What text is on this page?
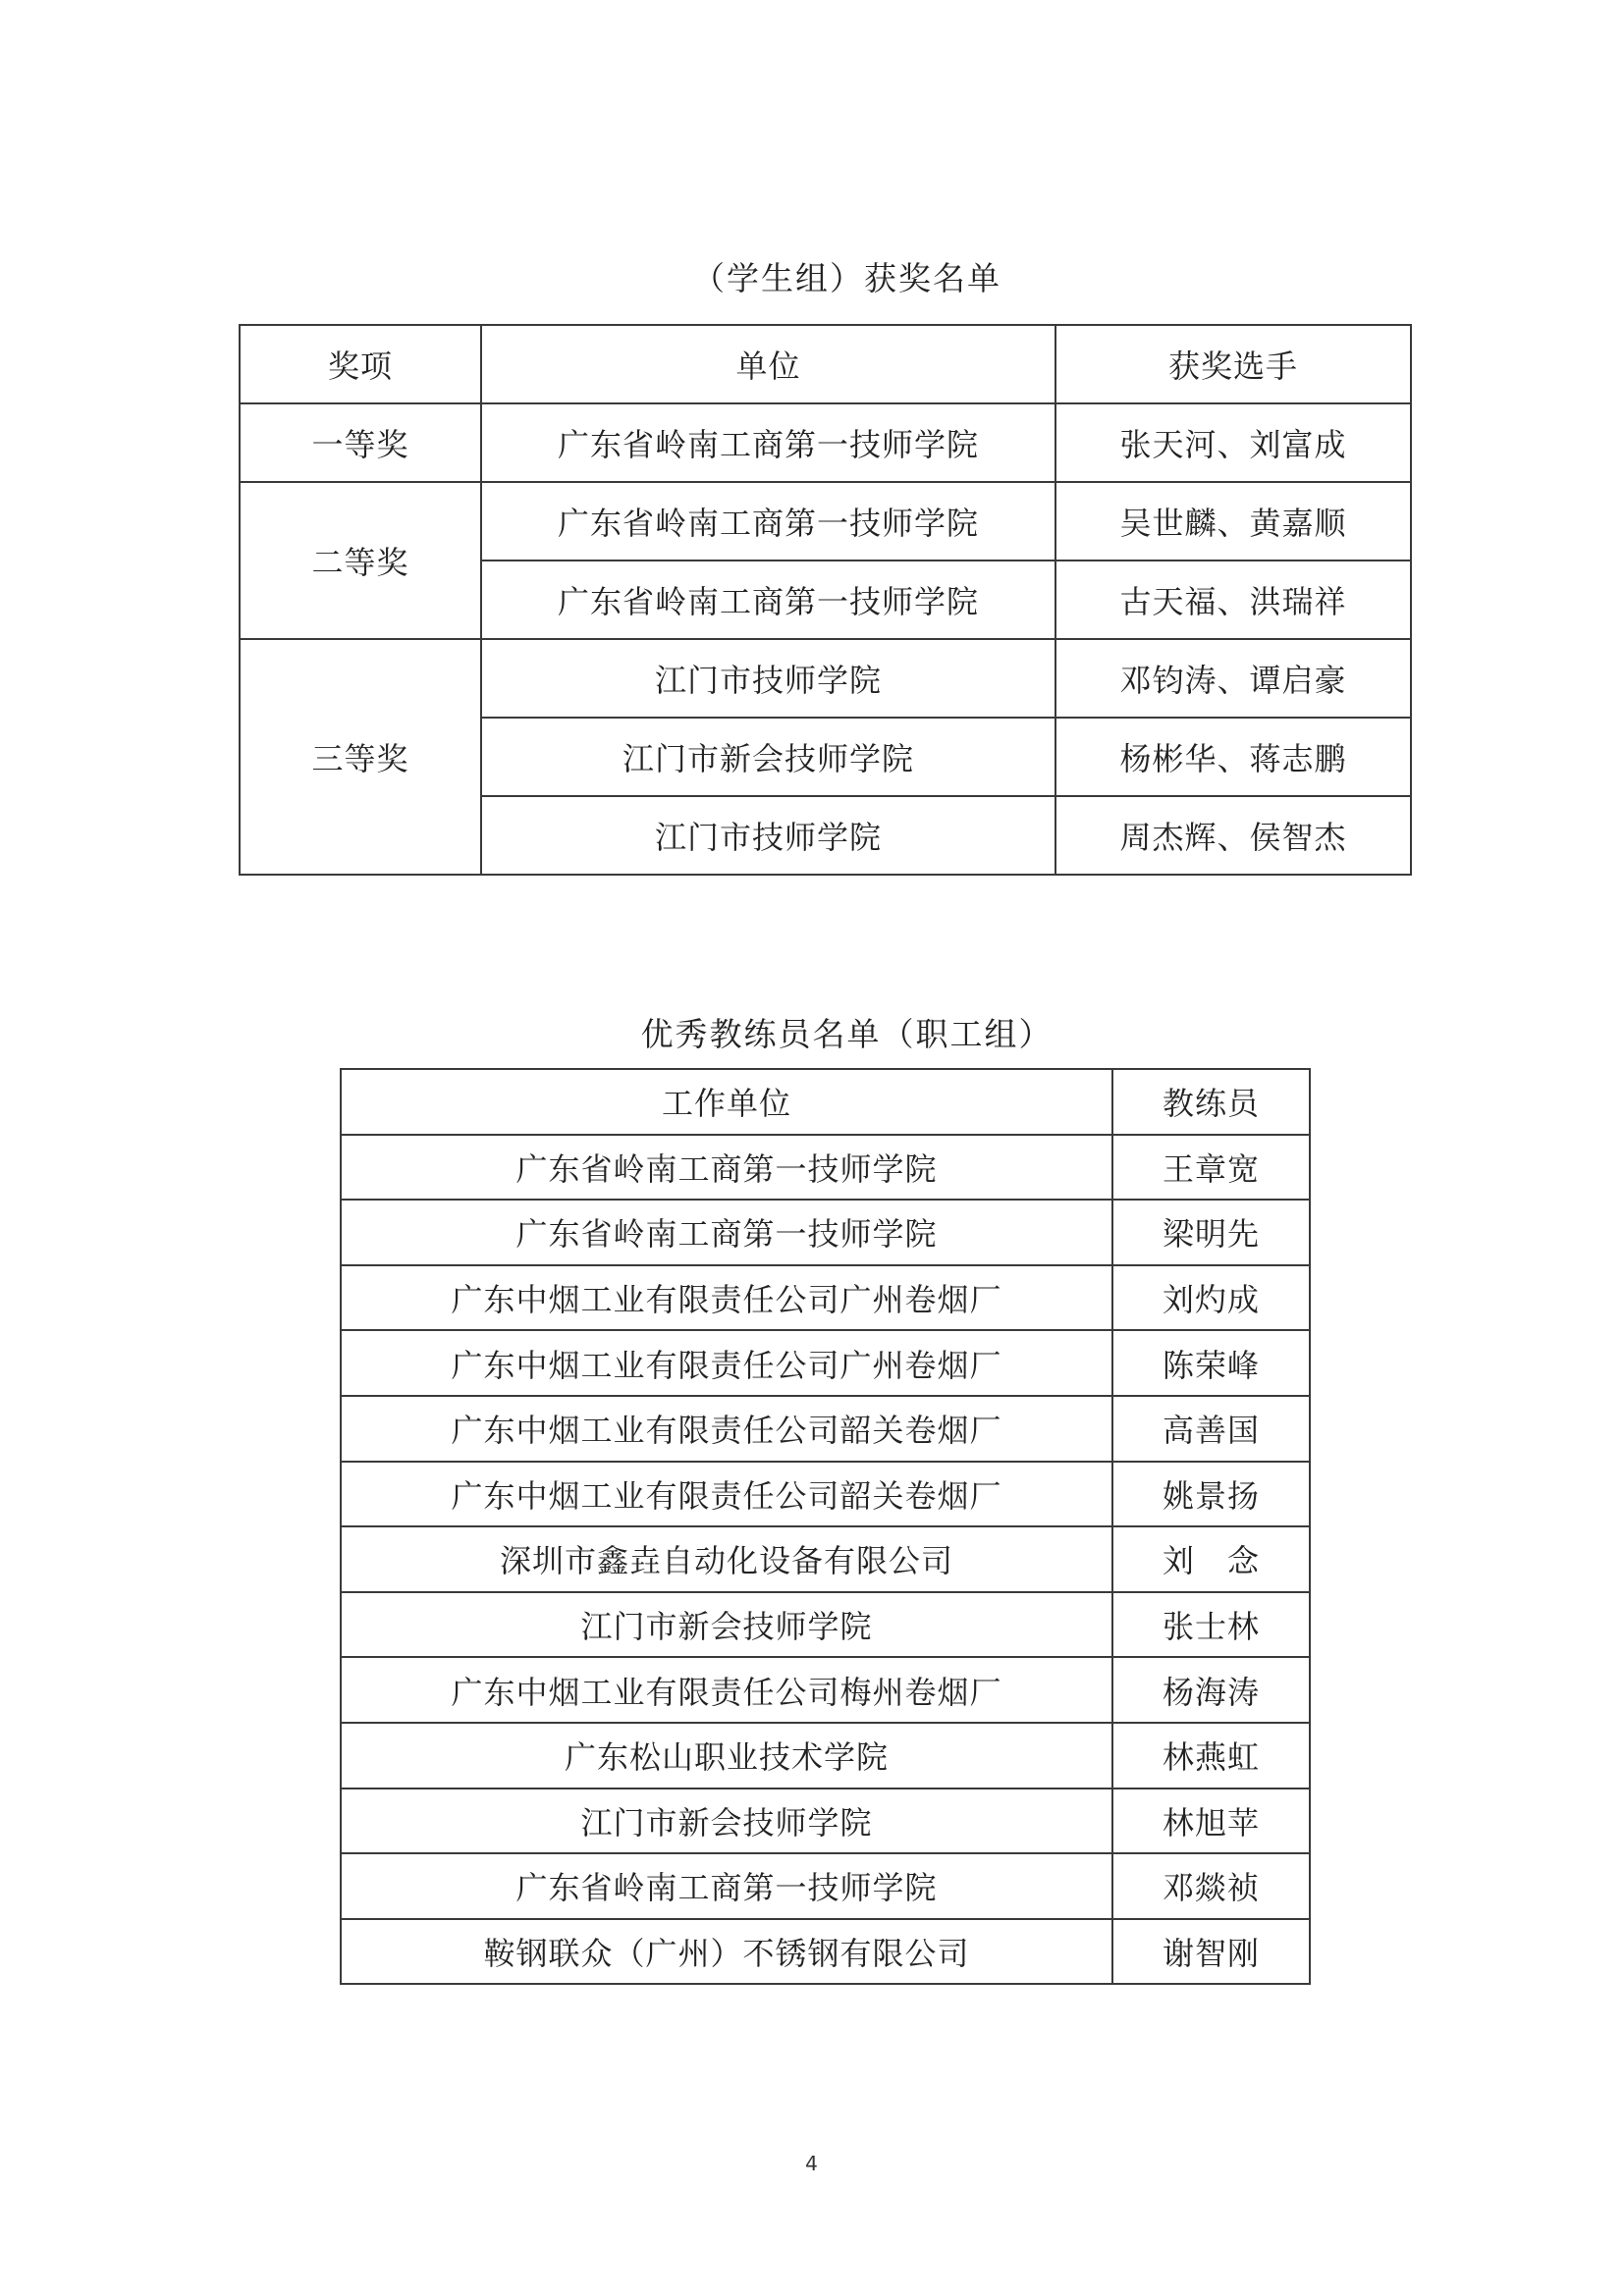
（学生组）获奖名单
奖项	单位	获奖选手
一等奖	广东省岭南工商第一技师学院	张天河、刘富成
二等奖	广东省岭南工商第一技师学院	吴世麟、黄嘉顺
	广东省岭南工商第一技师学院	古天福、洪瑞祥
三等奖	江门市技师学院	邓钧涛、谭启豪
	江门市新会技师学院	杨彬华、蒋志鹏
	江门市技师学院	周杰辉、侯智杰
优秀教练员名单（职工组）
工作单位	教练员
广东省岭南工商第一技师学院	王章宽
广东省岭南工商第一技师学院	梁明先
广东中烟工业有限责任公司广州卷烟厂	刘灼成
广东中烟工业有限责任公司广州卷烟厂	陈荣峰
广东中烟工业有限责任公司韶关卷烟厂	高善国
广东中烟工业有限责任公司韶关卷烟厂	姚景扬
深圳市鑫垚自动化设备有限公司	刘　念
江门市新会技师学院	张士林
广东中烟工业有限责任公司梅州卷烟厂	杨海涛
广东松山职业技术学院	林燕虹
江门市新会技师学院	林旭苹
广东省岭南工商第一技师学院	邓燚祯
鞍钢联众（广州）不锈钢有限公司	谢智刚
4
